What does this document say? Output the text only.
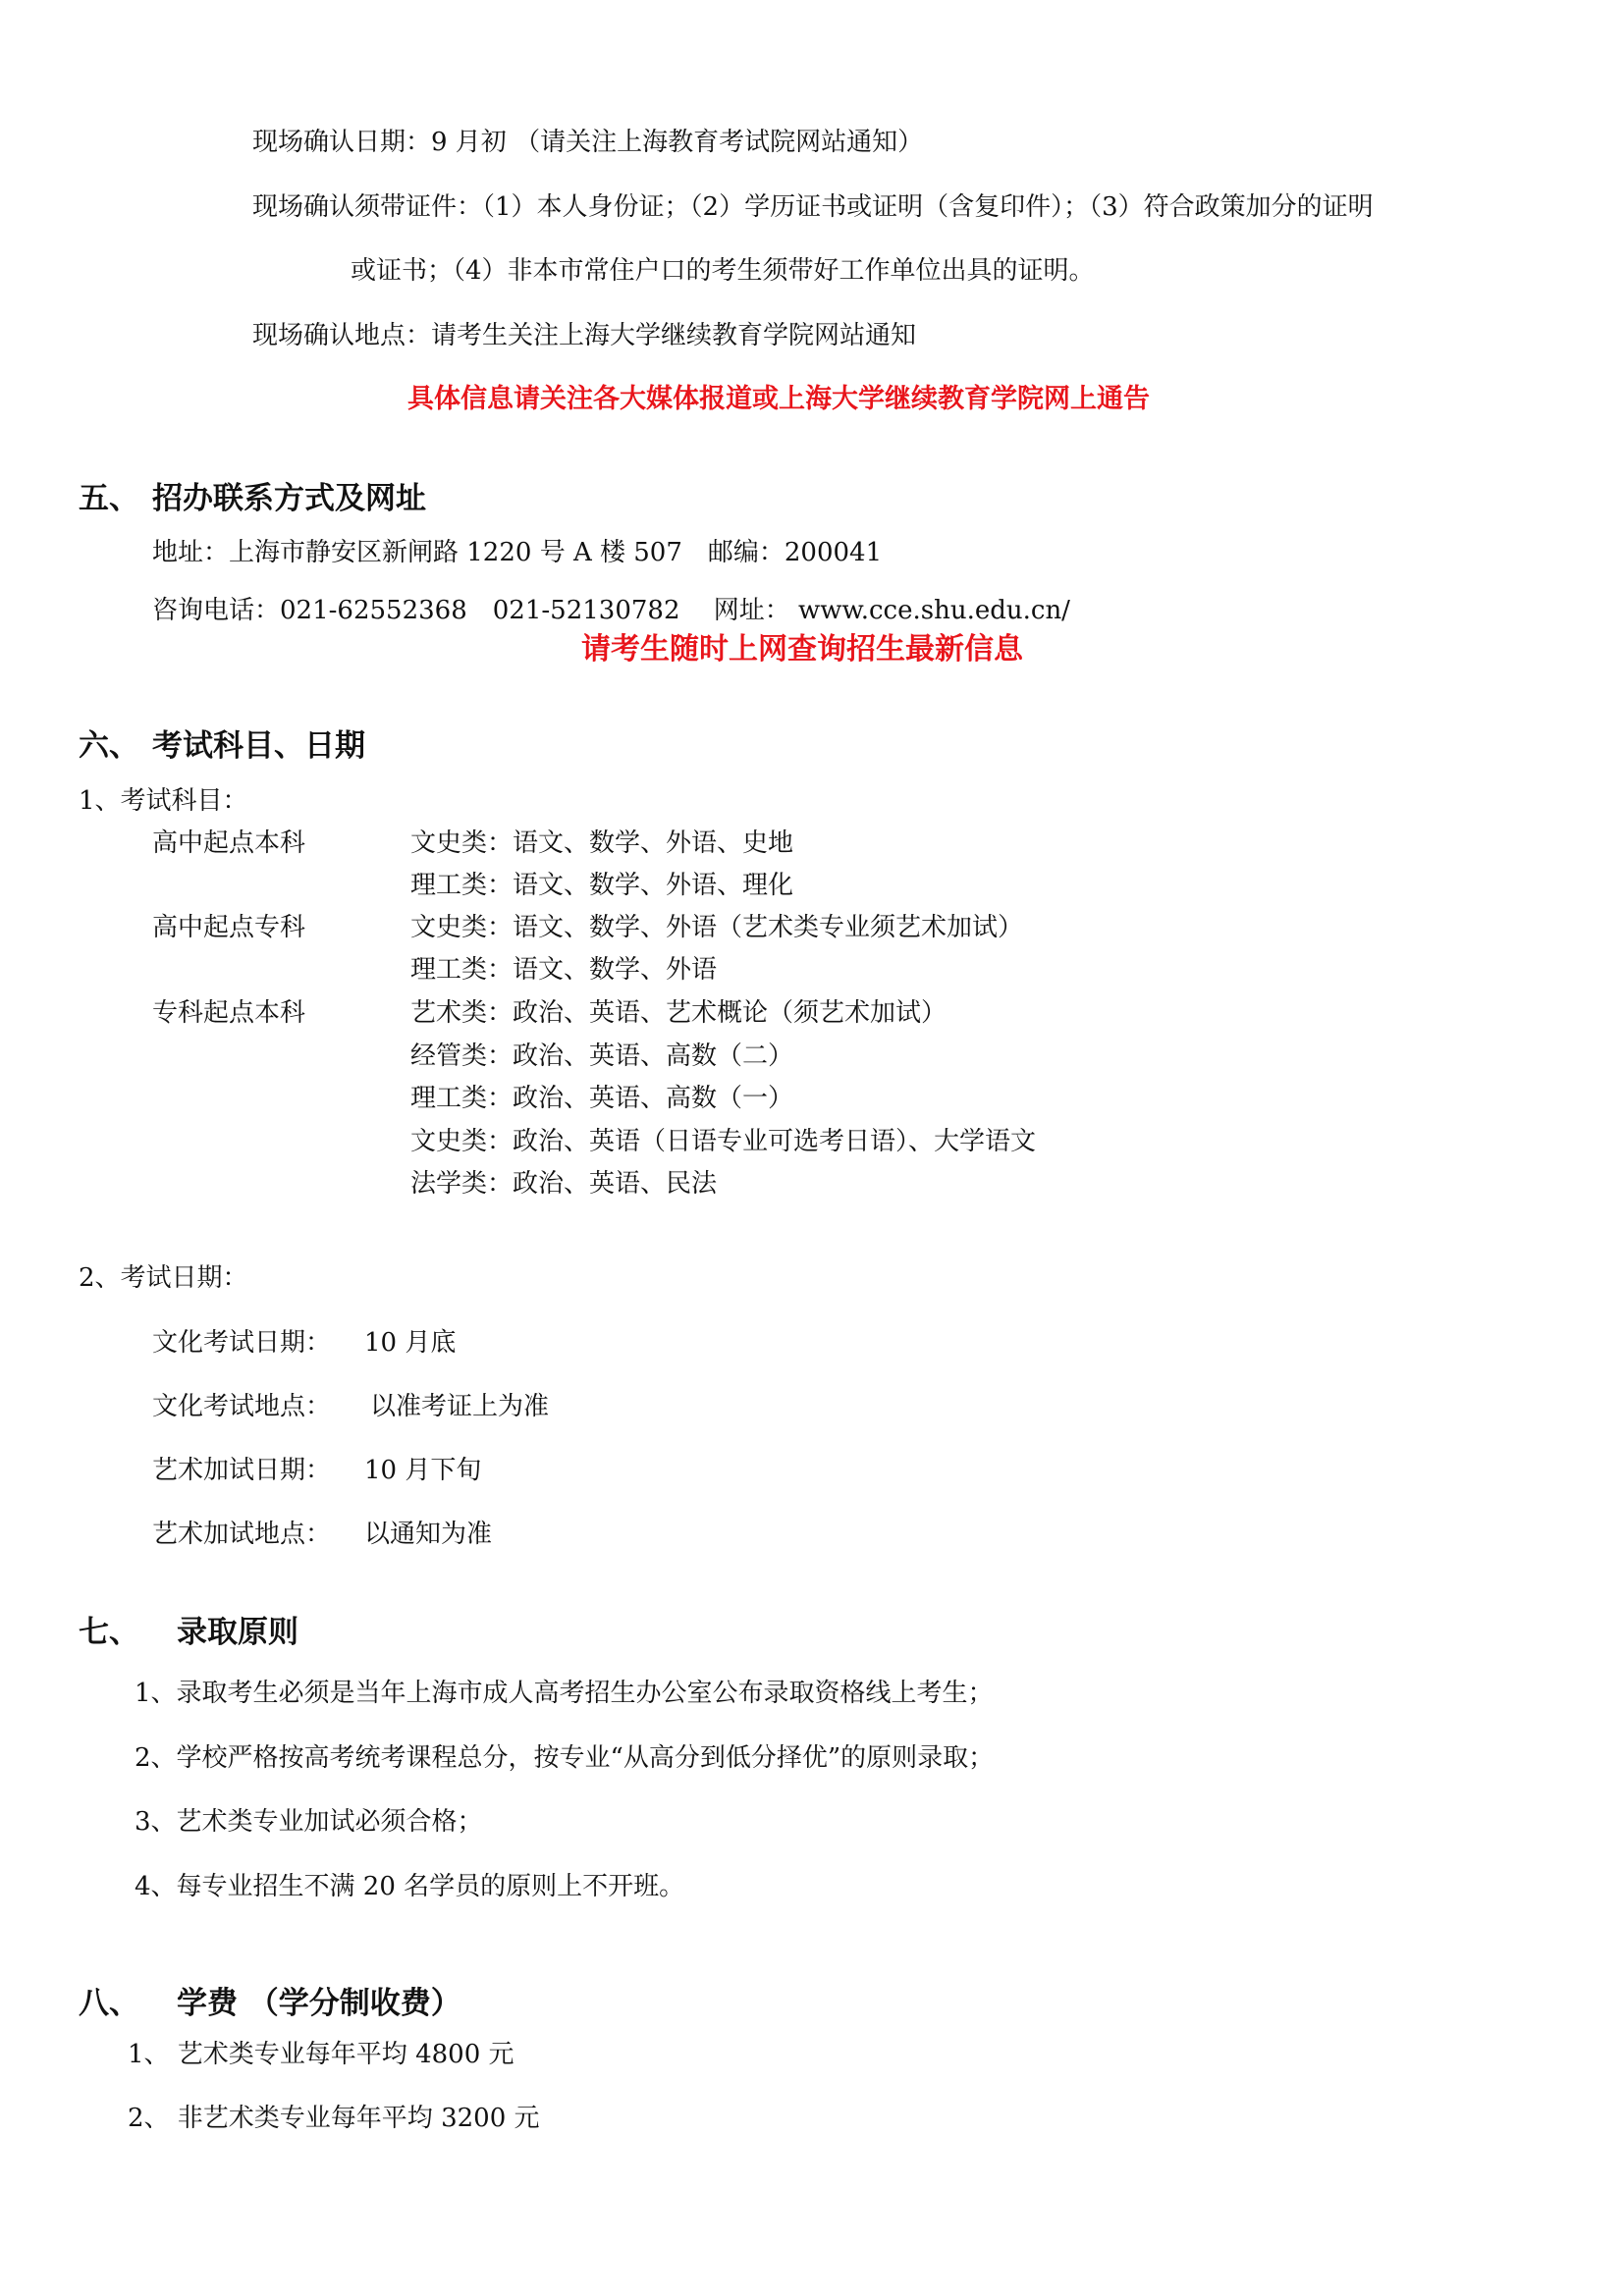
现场确认日期：9 月初 （请关注上海教育考试院网站通知）
现场确认须带证件：（1）本人身份证；（2）学历证书或证明（含复印件）；（3）符合政策加分的证明
或证书；（4）非本市常住户口的考生须带好工作单位出具的证明。
现场确认地点：请考生关注上海大学继续教育学院网站通知
具体信息请关注各大媒体报道或上海大学继续教育学院网上通告
五、 招办联系方式及网址
地址：上海市静安区新闸路 1220 号 A 楼 507　邮编：200041
咨询电话：021-62552368　021-52130782　 网址： www.cce.shu.edu.cn/
请考生随时上网查询招生最新信息
六、 考试科目、日期
1、考试科目：
高中起点本科	文史类：语文、数学、外语、史地
理工类：语文、数学、外语、理化
高中起点专科	文史类：语文、数学、外语（艺术类专业须艺术加试）
理工类：语文、数学、外语
专科起点本科	艺术类：政治、英语、艺术概论（须艺术加试）
经管类：政治、英语、高数（二）
理工类：政治、英语、高数（一）
文史类：政治、英语（日语专业可选考日语）、大学语文
法学类：政治、英语、民法
2、考试日期：
文化考试日期： 10 月底
文化考试地点： 以准考证上为准
艺术加试日期： 10 月下旬
艺术加试地点： 以通知为准
七、 录取原则
1、录取考生必须是当年上海市成人高考招生办公室公布录取资格线上考生；
2、学校严格按高考统考课程总分，按专业“从高分到低分择优”的原则录取；
3、艺术类专业加试必须合格；
4、每专业招生不满 20 名学员的原则上不开班。
八、 学费 （学分制收费）
1、 艺术类专业每年平均 4800 元
2、 非艺术类专业每年平均 3200 元
